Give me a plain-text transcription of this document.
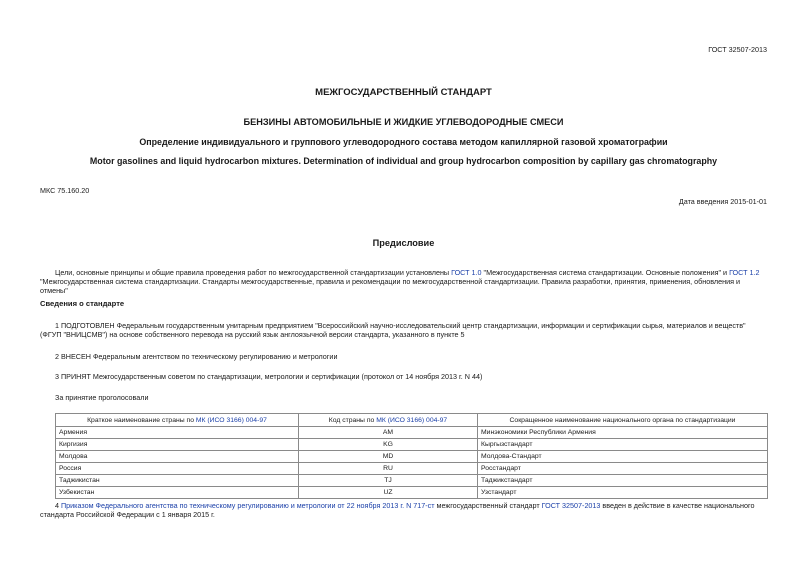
ГОСТ 32507-2013
МЕЖГОСУДАРСТВЕННЫЙ СТАНДАРТ
БЕНЗИНЫ АВТОМОБИЛЬНЫЕ И ЖИДКИЕ УГЛЕВОДОРОДНЫЕ СМЕСИ
Определение индивидуального и группового углеводородного состава методом капиллярной газовой хроматографии
Motor gasolines and liquid hydrocarbon mixtures. Determination of individual and group hydrocarbon composition by capillary gas chromatography
МКС 75.160.20
Дата введения 2015-01-01
Предисловие
Цели, основные принципы и общие правила проведения работ по межгосударственной стандартизации установлены ГОСТ 1.0 "Межгосударственная система стандартизации. Основные положения" и ГОСТ 1.2
"Межгосударственная система стандартизации. Стандарты межгосударственные, правила и рекомендации по межгосударственной стандартизации. Правила разработки, принятия, применения, обновления и отмены"
Сведения о стандарте
1 ПОДГОТОВЛЕН Федеральным государственным унитарным предприятием "Всероссийский научно-исследовательский центр стандартизации, информации и сертификации сырья, материалов и веществ" (ФГУП "ВНИЦСМВ") на основе собственного перевода на русский язык англоязычной версии стандарта, указанного в пункте 5
2 ВНЕСЕН Федеральным агентством по техническому регулированию и метрологии
3 ПРИНЯТ Межгосударственным советом по стандартизации, метрологии и сертификации (протокол от 14 ноября 2013 г. N 44)
За принятие проголосовали
Краткое наименование страны по МК (ИСО 3166) 004-97	Код страны по МК (ИСО 3166) 004-97	Сокращенное наименование национального органа по стандартизации
Армения	AM	Минэкономики Республики Армения
Киргизия	KG	Кыргызстандарт
Молдова	MD	Молдова-Стандарт
Россия	RU	Росстандарт
Таджикистан	TJ	Таджикстандарт
Узбекистан	UZ	Узстандарт
4 Приказом Федерального агентства по техническому регулированию и метрологии от 22 ноября 2013 г. N 717-ст межгосударственный стандарт ГОСТ 32507-2013 введен в действие в качестве национального стандарта Российской Федерации с 1 января 2015 г.
